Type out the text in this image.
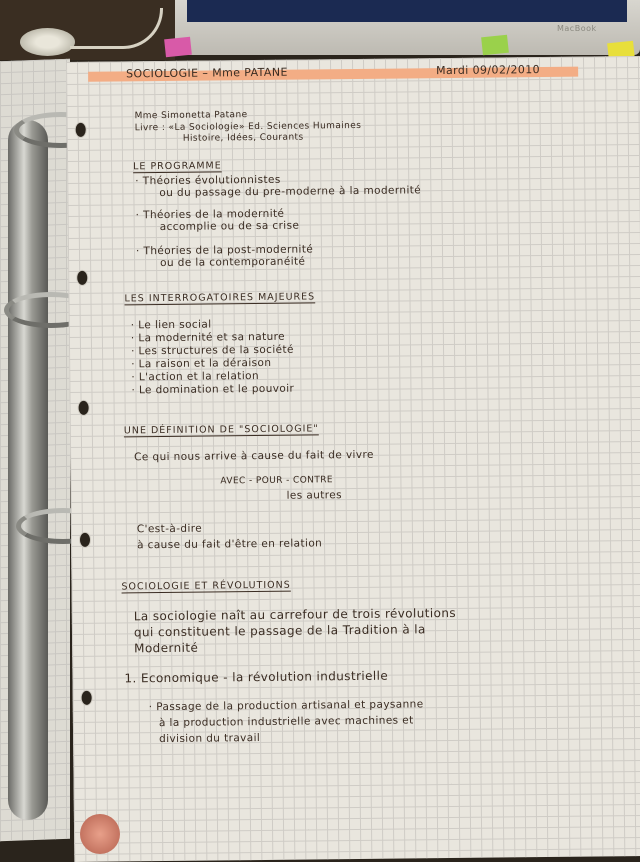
MacBook
SOCIOLOGIE – Mme PATANE	Mardi 09/02/2010
Mme Simonetta Patane
Livre : «La Sociologie» Ed. Sciences Humaines
Histoire, Idées, Courants
LE PROGRAMME
· Théories évolutionnistes
ou du passage du pre-moderne à la modernité
· Théories de la modernité
accomplie ou de sa crise
· Théories de la post-modernité
ou de la contemporanéité
LES INTERROGATOIRES MAJEURES
· Le lien social
· La modernité et sa nature
· Les structures de la société
· La raison et la déraison
· L'action et la relation
· Le domination et le pouvoir
UNE DÉFINITION DE "SOCIOLOGIE"
Ce qui nous arrive à cause du fait de vivre
AVEC - POUR - CONTRE
les autres
C'est-à-dire
à cause du fait d'être en relation
SOCIOLOGIE ET RÉVOLUTIONS
La sociologie naît au carrefour de trois révolutions
qui constituent le passage de la Tradition à la
Modernité
1. Economique - la révolution industrielle
· Passage de la production artisanal et paysanne
à la production industrielle avec machines et
division du travail
